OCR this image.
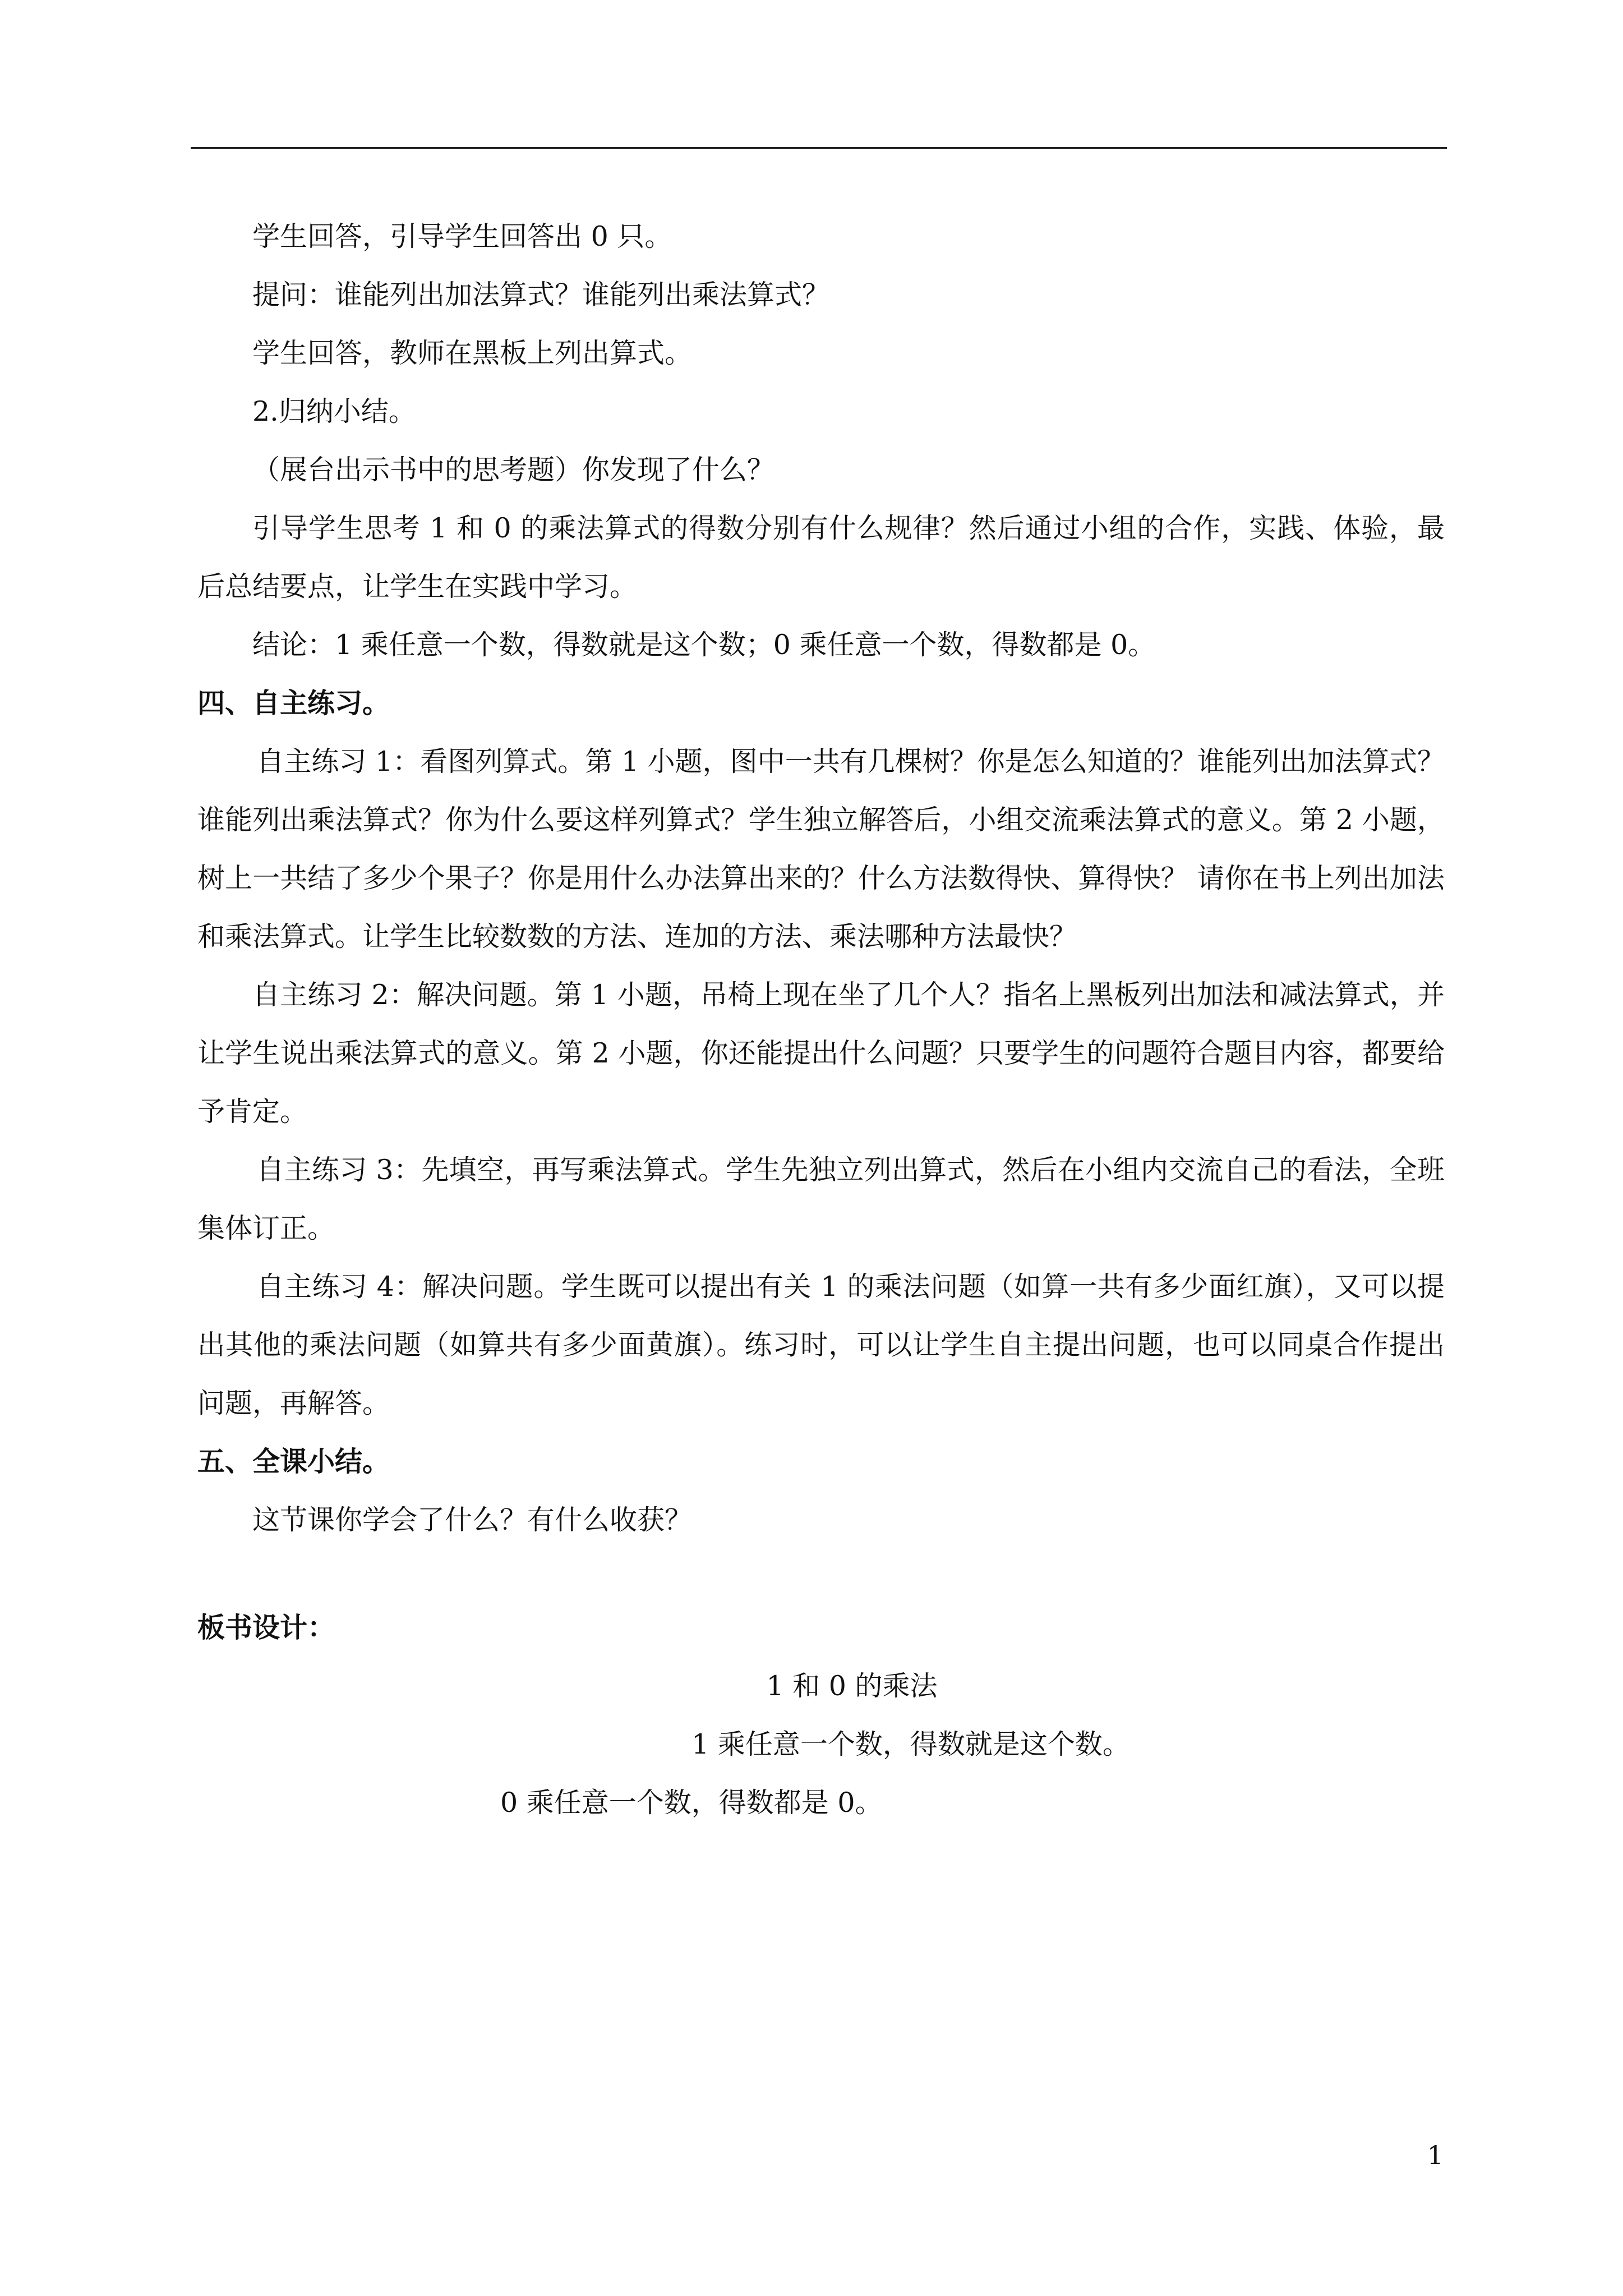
学生回答，引导学生回答出 0 只。

提问：谁能列出加法算式？谁能列出乘法算式？

学生回答，教师在黑板上列出算式。

2.归纳小结。

（展台出示书中的思考题）你发现了什么？

引导学生思考 1 和 0 的乘法算式的得数分别有什么规律？然后通过小组的合作，实践、体验，最后总结要点，让学生在实践中学习。

结论：1 乘任意一个数，得数就是这个数；0 乘任意一个数，得数都是 0。

四、自主练习。

自主练习 1：看图列算式。第 1 小题，图中一共有几棵树？你是怎么知道的？谁能列出加法算式？谁能列出乘法算式？你为什么要这样列算式？学生独立解答后，小组交流乘法算式的意义。第 2 小题，树上一共结了多少个果子？你是用什么办法算出来的？什么方法数得快、算得快？ 请你在书上列出加法和乘法算式。让学生比较数数的方法、连加的方法、乘法哪种方法最快？

自主练习 2：解决问题。第 1 小题，吊椅上现在坐了几个人？指名上黑板列出加法和减法算式，并让学生说出乘法算式的意义。第 2 小题，你还能提出什么问题？只要学生的问题符合题目内容，都要给予肯定。

自主练习 3：先填空，再写乘法算式。学生先独立列出算式，然后在小组内交流自己的看法，全班集体订正。

自主练习 4：解决问题。学生既可以提出有关 1 的乘法问题（如算一共有多少面红旗），又可以提出其他的乘法问题（如算共有多少面黄旗）。练习时，可以让学生自主提出问题，也可以同桌合作提出问题，再解答。

五、全课小结。

这节课你学会了什么？有什么收获？

板书设计：

1 和 0 的乘法

1 乘任意一个数，得数就是这个数。

0 乘任意一个数，得数都是 0。

1
